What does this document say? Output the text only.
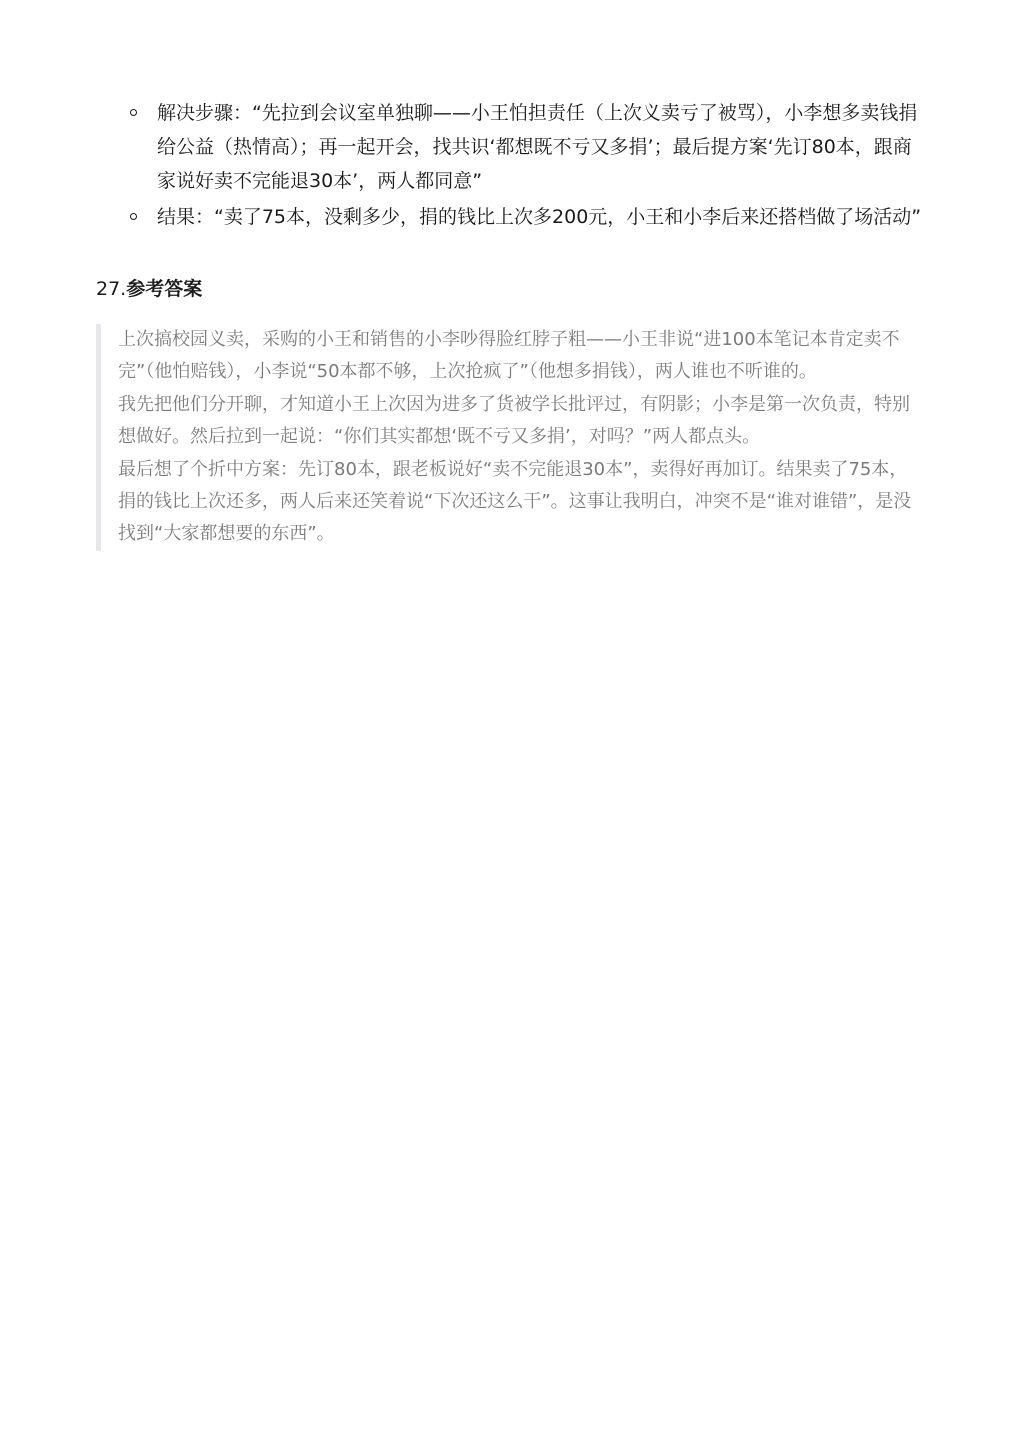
解决步骤：“先拉到会议室单独聊——小王怕担责任（上次义卖亏了被骂），小李想多卖钱捐给公益（热情高）；再一起开会，找共识‘都想既不亏又多捐’；最后提方案‘先订80本，跟商家说好卖不完能退30本’，两人都同意”
结果：“卖了75本，没剩多少，捐的钱比上次多200元，小王和小李后来还搭档做了场活动”
27.参考答案

上次搞校园义卖，采购的小王和销售的小李吵得脸红脖子粗——小王非说“进100本笔记本肯定卖不完”（他怕赔钱），小李说“50本都不够，上次抢疯了”（他想多捐钱），两人谁也不听谁的。

我先把他们分开聊，才知道小王上次因为进多了货被学长批评过，有阴影；小李是第一次负责，特别想做好。然后拉到一起说：“你们其实都想‘既不亏又多捐’，对吗？”两人都点头。

最后想了个折中方案：先订80本，跟老板说好“卖不完能退30本”，卖得好再加订。结果卖了75本，捐的钱比上次还多，两人后来还笑着说“下次还这么干”。这事让我明白，冲突不是“谁对谁错”，是没找到“大家都想要的东西”。
